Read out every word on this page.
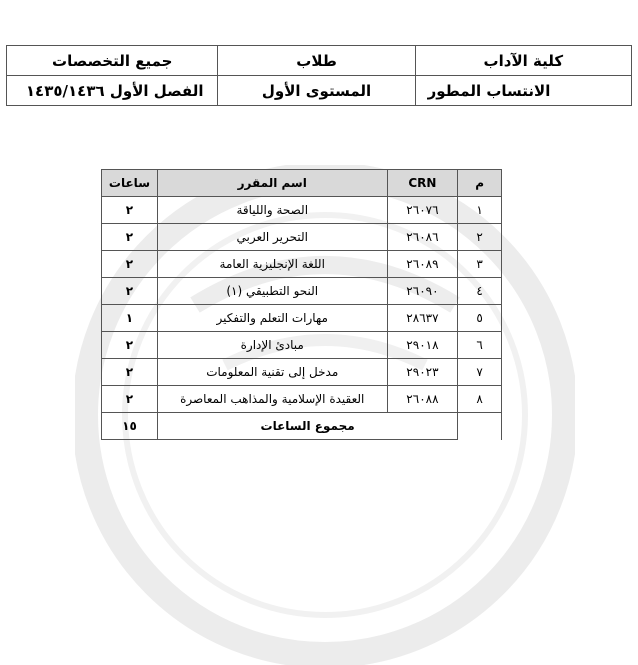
كلية الآداب	طلاب	جميع التخصصات
الانتساب المطور	المستوى الأول	الفصل الأول ١٤٣٥/١٤٣٦
م	CRN	اسم المقرر	ساعات
١	٢٦٠٧٦	الصحة واللياقة	٢
٢	٢٦٠٨٦	التحرير العربي	٢
٣	٢٦٠٨٩	اللغة الإنجليزية العامة	٢
٤	٢٦٠٩٠	النحو التطبيقي (١)	٢
٥	٢٨٦٣٧	مهارات التعلم والتفكير	١
٦	٢٩٠١٨	مبادئ الإدارة	٢
٧	٢٩٠٢٣	مدخل إلى تقنية المعلومات	٢
٨	٢٦٠٨٨	العقيدة الإسلامية والمذاهب المعاصرة	٢
	مجموع الساعات		١٥
